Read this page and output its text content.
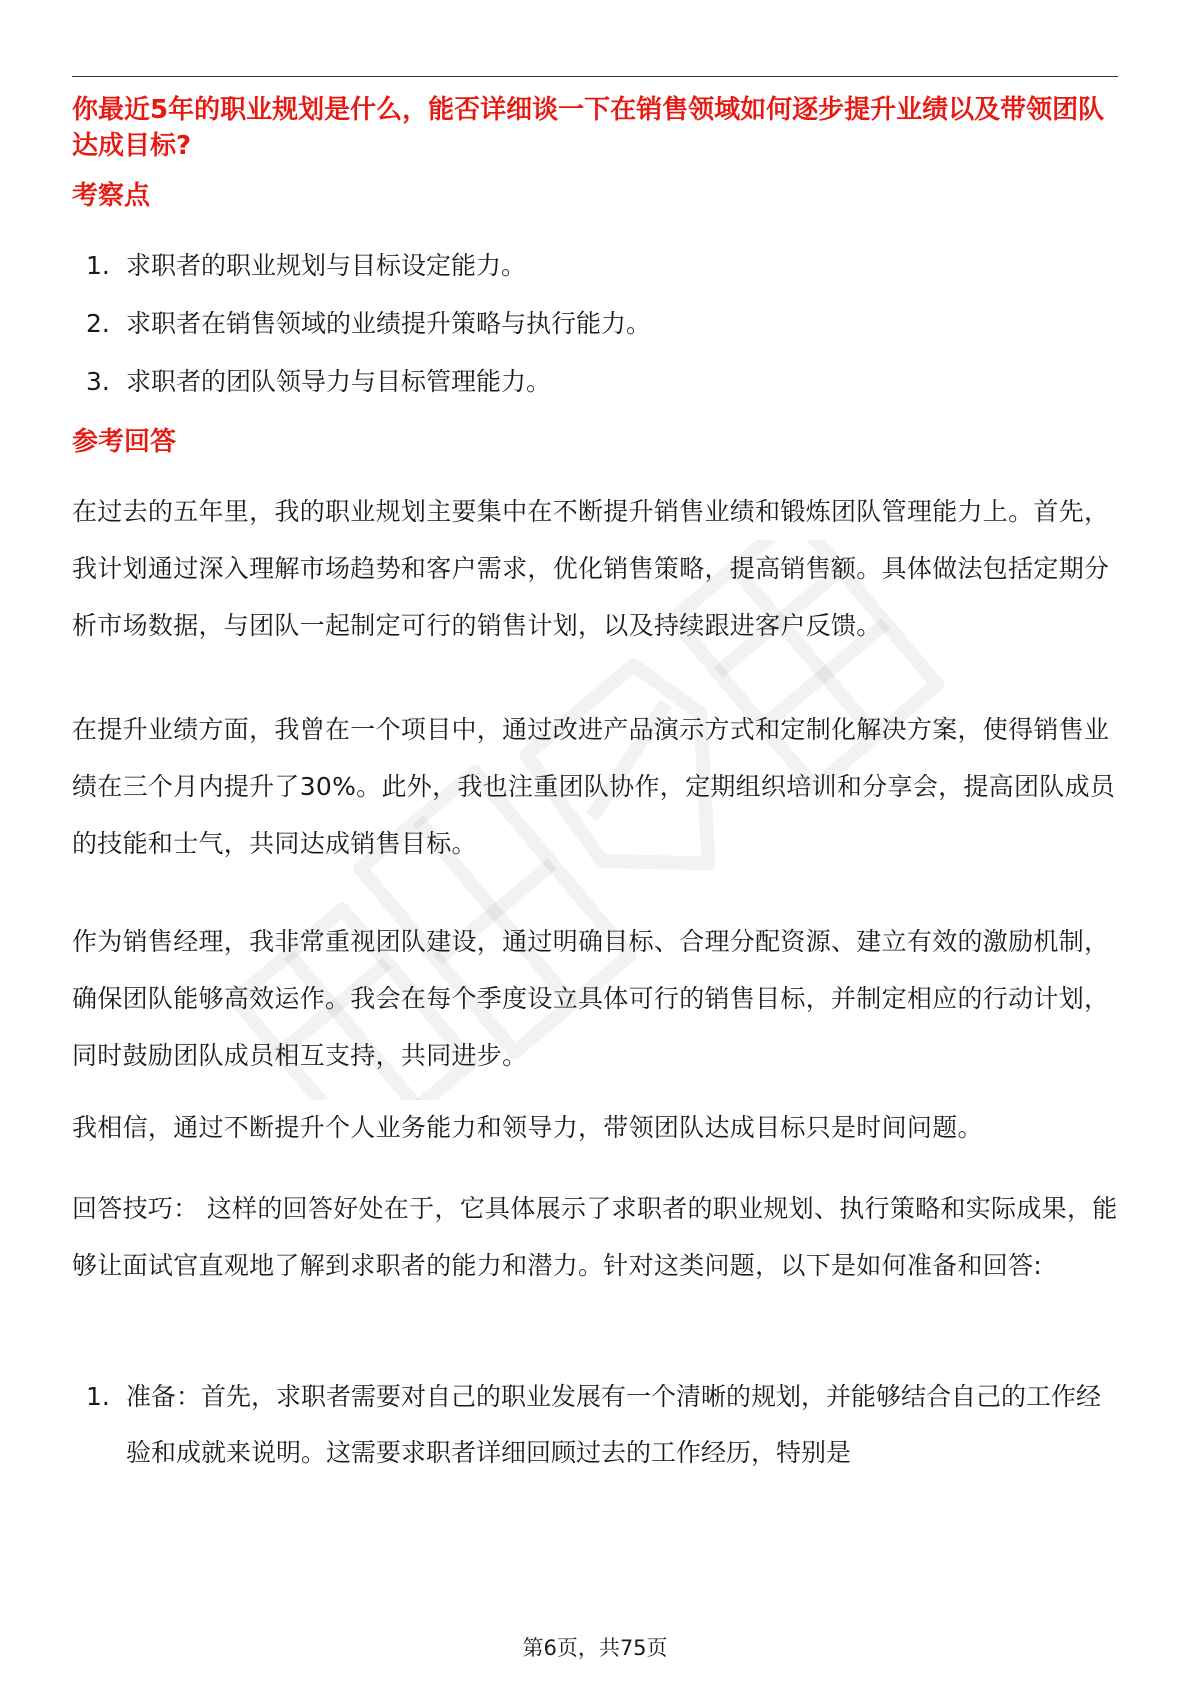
你最近5年的职业规划是什么，能否详细谈一下在销售领域如何逐步提升业绩以及带领团队达成目标?
考察点
1. 求职者的职业规划与目标设定能力。
2. 求职者在销售领域的业绩提升策略与执行能力。
3. 求职者的团队领导力与目标管理能力。
参考回答

在过去的五年里，我的职业规划主要集中在不断提升销售业绩和锻炼团队管理能力上。首先，我计划通过深入理解市场趋势和客户需求，优化销售策略，提高销售额。具体做法包括定期分析市场数据，与团队一起制定可行的销售计划，以及持续跟进客户反馈。

在提升业绩方面，我曾在一个项目中，通过改进产品演示方式和定制化解决方案，使得销售业绩在三个月内提升了30%。此外，我也注重团队协作，定期组织培训和分享会，提高团队成员的技能和士气，共同达成销售目标。

作为销售经理，我非常重视团队建设，通过明确目标、合理分配资源、建立有效的激励机制，确保团队能够高效运作。我会在每个季度设立具体可行的销售目标，并制定相应的行动计划，同时鼓励团队成员相互支持，共同进步。

我相信，通过不断提升个人业务能力和领导力，带领团队达成目标只是时间问题。

回答技巧： 这样的回答好处在于，它具体展示了求职者的职业规划、执行策略和实际成果，能够让面试官直观地了解到求职者的能力和潜力。针对这类问题，以下是如何准备和回答:

1. 准备：首先，求职者需要对自己的职业发展有一个清晰的规划，并能够结合自己的工作经验和成就来说明。这需要求职者详细回顾过去的工作经历，特别是
第6页，共75页
